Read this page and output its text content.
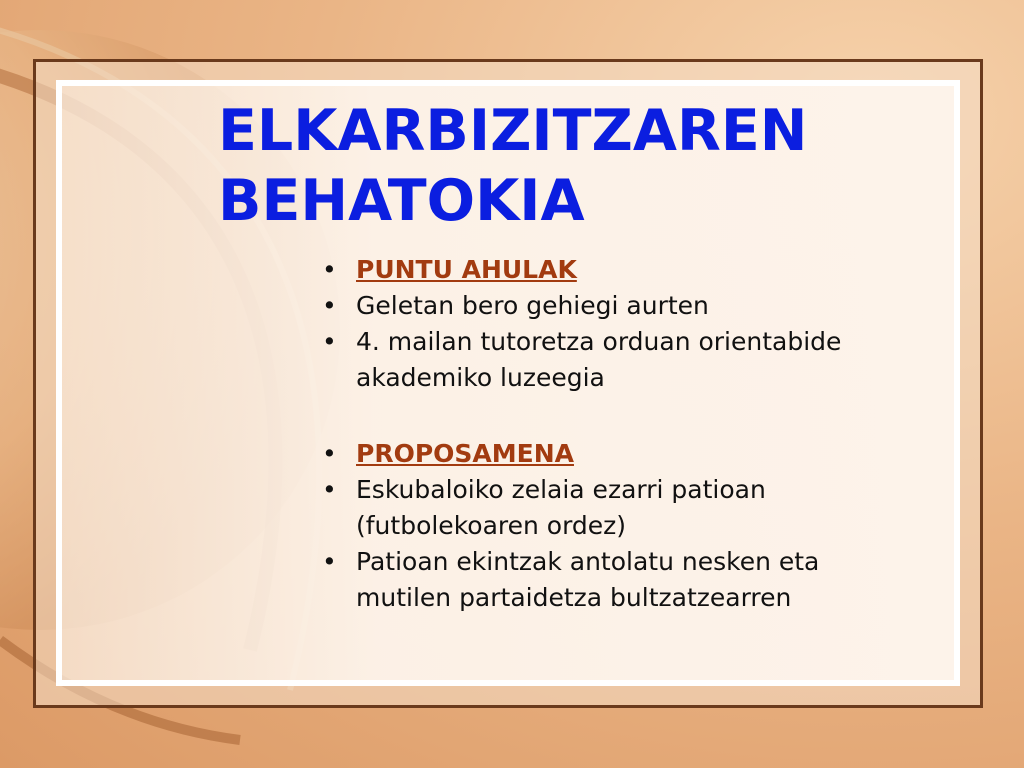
ELKARBIZITZAREN
BEHATOKIA
• PUNTU AHULAK
• Geletan bero gehiegi aurten
• 4. mailan tutoretza orduan orientabide akademiko luzeegia
• PROPOSAMENA
• Eskubaloiko zelaia ezarri patioan (futbolekoaren ordez)
• Patioan ekintzak antolatu nesken eta mutilen partaidetza bultzatzearren
